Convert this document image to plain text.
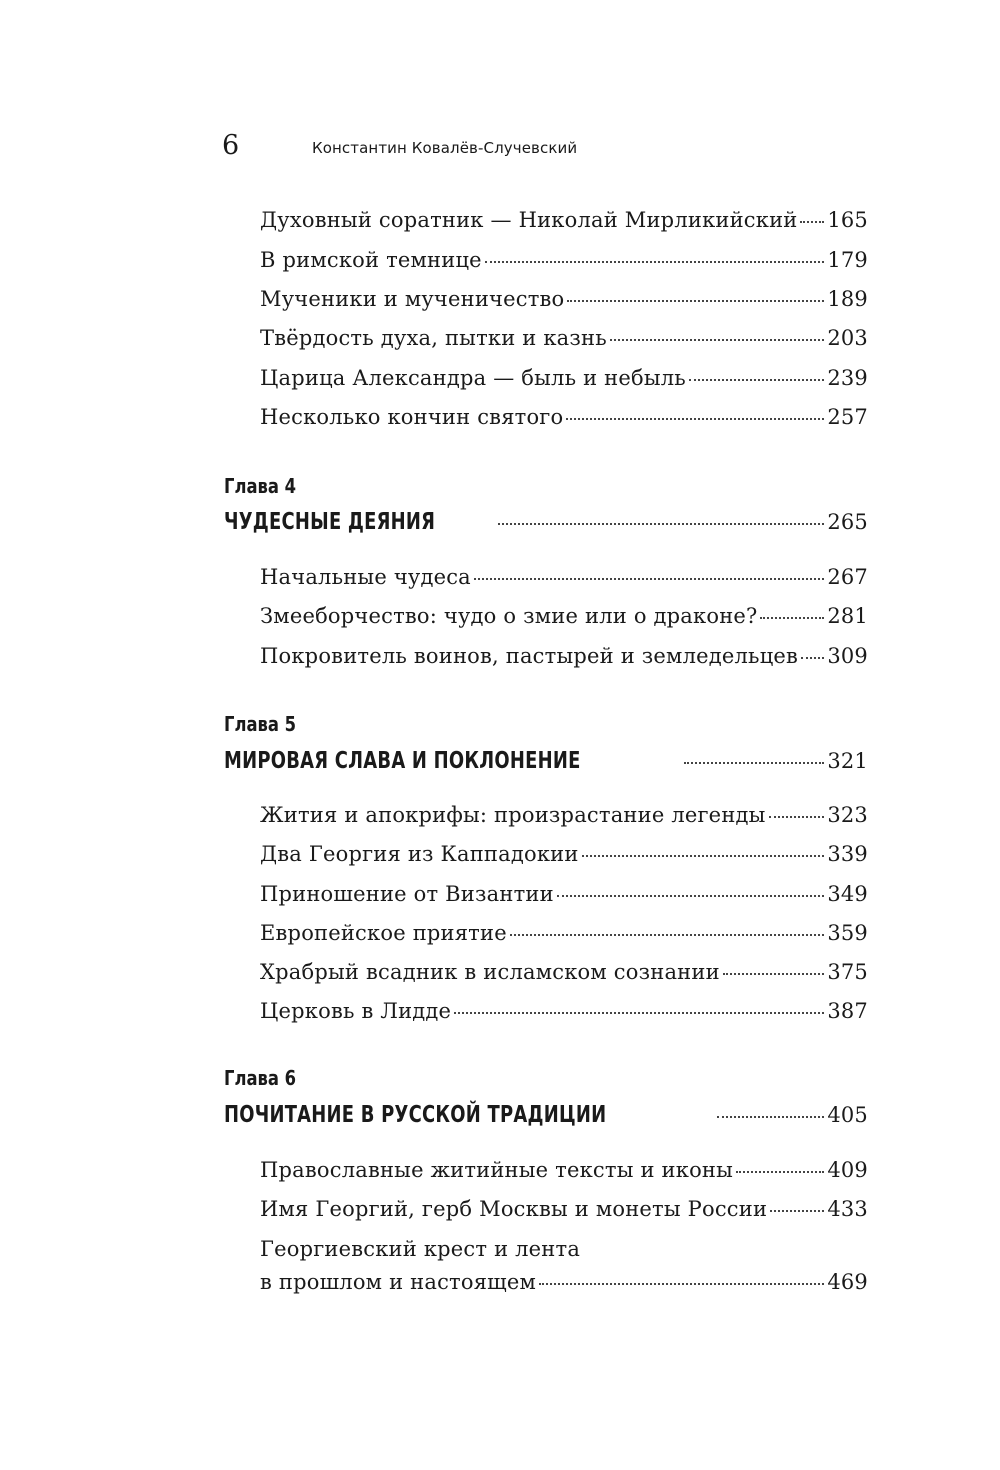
6	Константин Ковалёв-Случевский
Духовный соратник — Николай Мирликийский 165
В римской темнице	179
Мученики и мученичество	189
Твёрдость духа, пытки и казнь	203
Царица Александра — быль и небыль	239
Несколько кончин святого	257
Глава 4
ЧУДЕСНЫЕ ДЕЯНИЯ	265
Начальные чудеса	267
Змееборчество: чудо о змие или о драконе?	281
Покровитель воинов, пастырей и земледельцев 309
Глава 5
МИРОВАЯ СЛАВА И ПОКЛОНЕНИЕ	321
Жития и апокрифы: произрастание легенды	323
Два Георгия из Каппадокии	339
Приношение от Византии	349
Европейское приятие	359
Храбрый всадник в исламском сознании	375
Церковь в Лидде	387
Глава 6
ПОЧИТАНИЕ В РУССКОЙ ТРАДИЦИИ	405
Православные житийные тексты и иконы	409
Имя Георгий, герб Москвы и монеты России	433
Георгиевский крест и лента
в прошлом и настоящем	469
